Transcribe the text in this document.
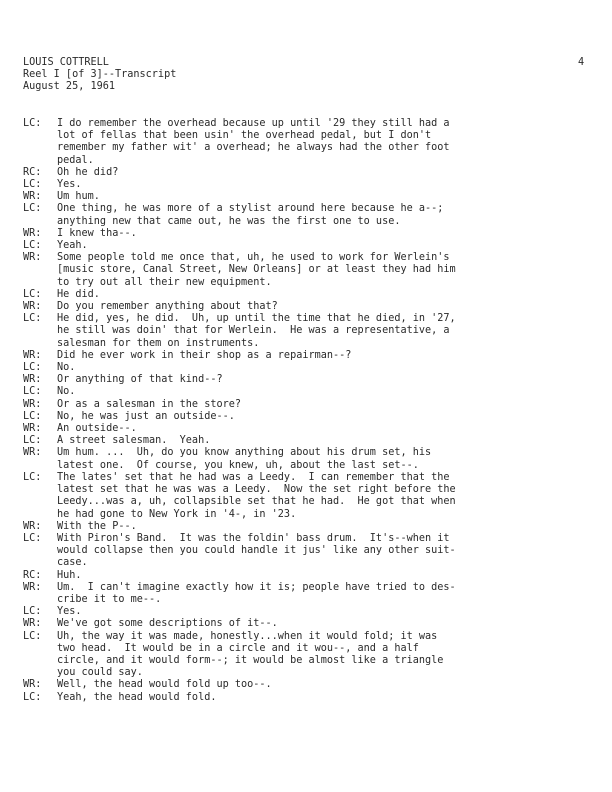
LOUIS COTTRELL
Reel I [of 3]--Transcript
August 25, 1961
4
LC:	I do remember the overhead because up until '29 they still had a
lot of fellas that been usin' the overhead pedal, but I don't
remember my father wit' a overhead; he always had the other foot
pedal.
RC:	Oh he did?
LC:	Yes.
WR:	Um hum.
LC:	One thing, he was more of a stylist around here because he a--;
anything new that came out, he was the first one to use.
WR:	I knew tha--.
LC:	Yeah.
WR:	Some people told me once that, uh, he used to work for Werlein's
[music store, Canal Street, New Orleans] or at least they had him
to try out all their new equipment.
LC:	He did.
WR:	Do you remember anything about that?
LC:	He did, yes, he did.  Uh, up until the time that he died, in '27,
he still was doin' that for Werlein.  He was a representative, a
salesman for them on instruments.
WR:	Did he ever work in their shop as a repairman--?
LC:	No.
WR:	Or anything of that kind--?
LC:	No.
WR:	Or as a salesman in the store?
LC:	No, he was just an outside--.
WR:	An outside--.
LC:	A street salesman.  Yeah.
WR:	Um hum. ...  Uh, do you know anything about his drum set, his
latest one.  Of course, you knew, uh, about the last set--.
LC:	The lates' set that he had was a Leedy.  I can remember that the
latest set that he was was a Leedy.  Now the set right before the
Leedy...was a, uh, collapsible set that he had.  He got that when
he had gone to New York in '4-, in '23.
WR:	With the P--.
LC:	With Piron's Band.  It was the foldin' bass drum.  It's--when it
would collapse then you could handle it jus' like any other suit-
case.
RC:	Huh.
WR:	Um.  I can't imagine exactly how it is; people have tried to des-
cribe it to me--.
LC:	Yes.
WR:	We've got some descriptions of it--.
LC:	Uh, the way it was made, honestly...when it would fold; it was
two head.  It would be in a circle and it wou--, and a half
circle, and it would form--; it would be almost like a triangle
you could say.
WR:	Well, the head would fold up too--.
LC:	Yeah, the head would fold.
